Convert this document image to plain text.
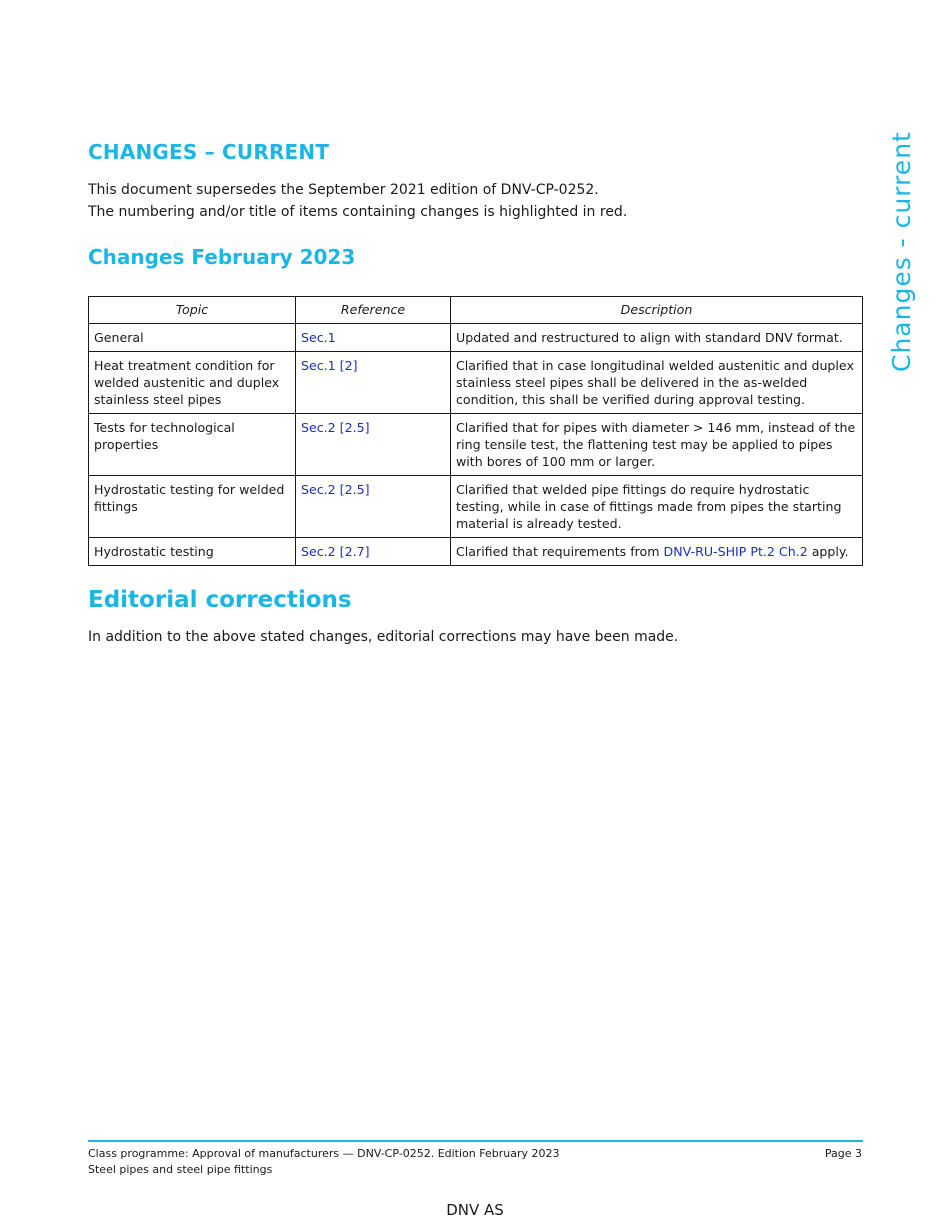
CHANGES – CURRENT

This document supersedes the September 2021 edition of DNV-CP-0252.

The numbering and/or title of items containing changes is highlighted in red.

Changes February 2023
Topic	Reference	Description
General	Sec.1	Updated and restructured to align with standard DNV format.
Heat treatment condition for welded austenitic and duplex stainless steel pipes	Sec.1 [2]	Clarified that in case longitudinal welded austenitic and duplex stainless steel pipes shall be delivered in the as-welded condition, this shall be verified during approval testing.
Tests for technological properties	Sec.2 [2.5]	Clarified that for pipes with diameter > 146 mm, instead of the ring tensile test, the flattening test may be applied to pipes with bores of 100 mm or larger.
Hydrostatic testing for welded fittings	Sec.2 [2.5]	Clarified that welded pipe fittings do require hydrostatic testing, while in case of fittings made from pipes the starting material is already tested.
Hydrostatic testing	Sec.2 [2.7]	Clarified that requirements from DNV-RU-SHIP Pt.2 Ch.2 apply.
Editorial corrections

In addition to the above stated changes, editorial corrections may have been made.

Changes - current
Class programme: Approval of manufacturers — DNV-CP-0252. Edition February 2023
Steel pipes and steel pipe fittings
Page 3
DNV AS
